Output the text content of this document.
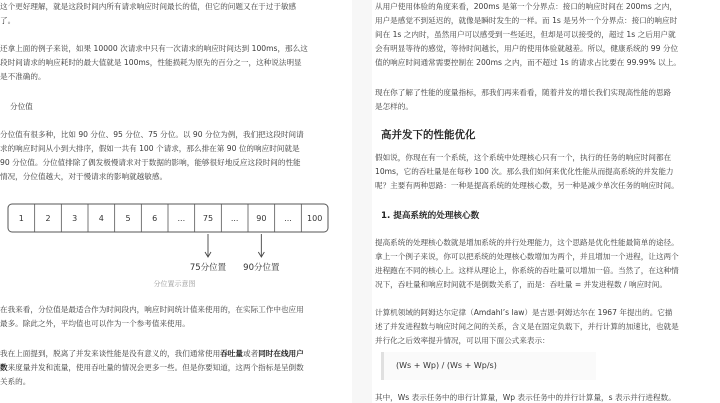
这个更好理解，就是这段时间内所有请求响应时间最长的值，但它的问题又在于过于敏感

了。

还拿上面的例子来说，如果 10000 次请求中只有一次请求的响应时间达到 100ms，那么这

段时间请求的响应耗时的最大值就是 100ms，性能损耗为原先的百分之一，这种说法明显

是不准确的。

分位值

分位值有很多种，比如 90 分位、95 分位、75 分位。以 90 分位为例，我们把这段时间请

求的响应时间从小到大排序，假如一共有 100 个请求，那么排在第 90 位的响应时间就是

90 分位值。分位值排除了偶发极慢请求对于数据的影响，能够很好地反应这段时间的性能

情况，分位值越大，对于慢请求的影响就越敏感。

1	2	3	4	5	6	... 75 ... 90 ... 100
75分位置 90分位置
分位置示意图

在我来看，分位值是最适合作为时间段内，响应时间统计值来使用的，在实际工作中也应用

最多。除此之外，平均值也可以作为一个参考值来使用。

我在上面提到，脱离了并发来谈性能是没有意义的，我们通常使用吞吐量或者同时在线用户

数来度量并发和流量，使用吞吐量的情况会更多一些。但是你要知道，这两个指标是呈倒数

关系的。

从用户使用体验的角度来看，200ms 是第一个分界点：接口的响应时间在 200ms 之内，

用户是感觉不到延迟的，就像是瞬时发生的一样。而 1s 是另外一个分界点：接口的响应时

间在 1s 之内时，虽然用户可以感受到一些延迟，但却是可以接受的，超过 1s 之后用户就

会有明显等待的感觉，等待时间越长，用户的使用体验就越差。所以，健康系统的 99 分位

值的响应时间通常需要控制在 200ms 之内，而不超过 1s 的请求占比要在 99.99% 以上。

现在你了解了性能的度量指标，那我们再来看看，随着并发的增长我们实现高性能的思路

是怎样的。

高并发下的性能优化

假如说，你现在有一个系统，这个系统中处理核心只有一个，执行的任务的响应时间都在

10ms，它的吞吐量是在每秒 100 次。那么我们如何来优化性能从而提高系统的并发能力

呢？主要有两种思路：一种是提高系统的处理核心数，另一种是减少单次任务的响应时间。

1. 提高系统的处理核心数

提高系统的处理核心数就是增加系统的并行处理能力，这个思路是优化性能最简单的途径。

拿上一个例子来说，你可以把系统的处理核心数增加为两个，并且增加一个进程，让这两个

进程跑在不同的核心上。这样从理论上，你系统的吞吐量可以增加一倍。当然了，在这种情

况下，吞吐量和响应时间就不是倒数关系了，而是：吞吐量 = 并发进程数 / 响应时间。

计算机领域的阿姆达尔定律（Amdahl’s law）是吉恩·阿姆达尔在 1967 年提出的。它描

述了并发进程数与响应时间之间的关系，含义是在固定负载下，并行计算的加速比，也就是

并行化之后效率提升情况，可以用下面公式来表示：

(Ws + Wp) / (Ws + Wp/s)

其中，Ws 表示任务中的串行计算量，Wp 表示任务中的并行计算量，s 表示并行进程数。
